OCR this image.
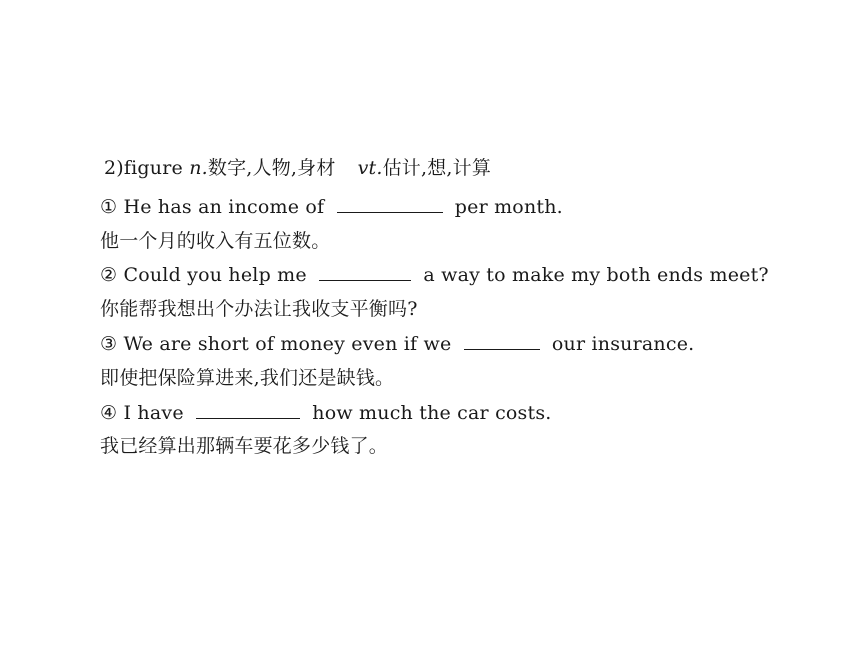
2)figure n.数字,人物,身材 vt.估计,想,计算
① He has an income of	per month.
他一个月的收入有五位数。
② Could you help me	a way to make my both ends meet?
你能帮我想出个办法让我收支平衡吗?
③ We are short of money even if we	our insurance.
即使把保险算进来,我们还是缺钱。
④ I have	how much the car costs.
我已经算出那辆车要花多少钱了。
